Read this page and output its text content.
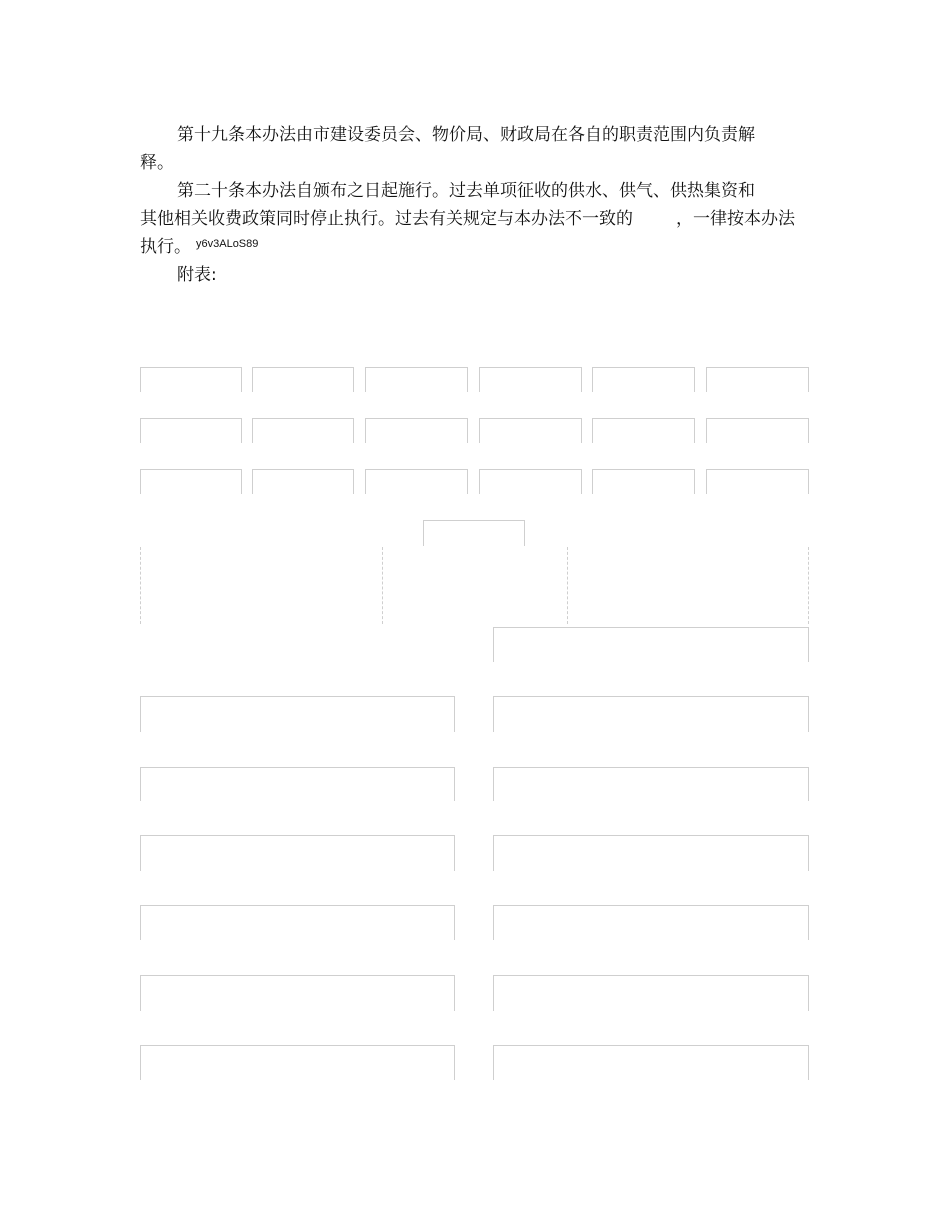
第十九条本办法由市建设委员会、物价局、财政局在各自的职责范围内负责解
释。
第二十条本办法自颁布之日起施行。过去单项征收的供水、供气、供热集资和
其他相关收费政策同时停止执行。过去有关规定与本办法不一致的	，一律按本办法
执行。 y6v3ALoS89
附表:
